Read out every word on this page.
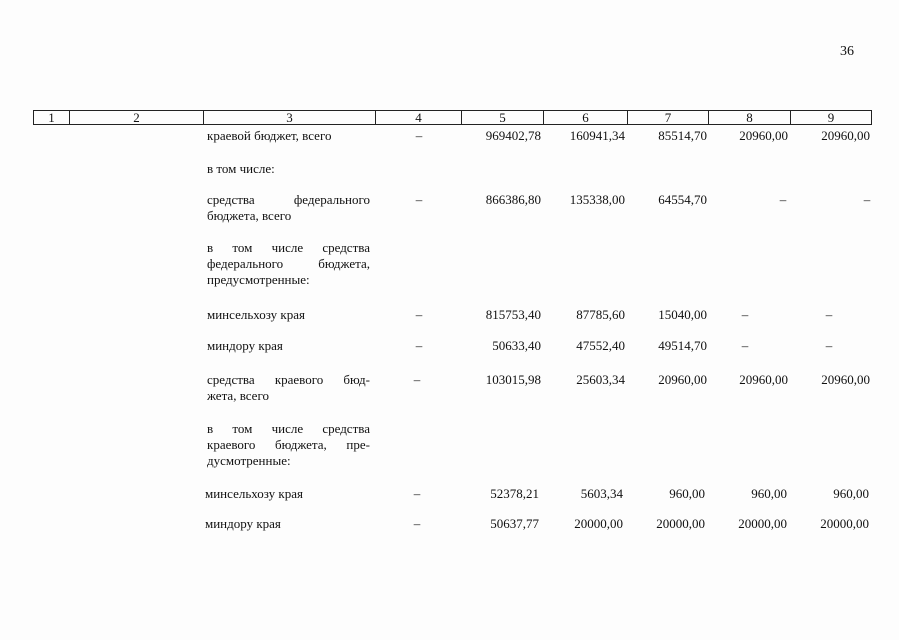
36
1	2	3	4	5	6	7	8	9
краевой бюджет, всего	–	969402,78	160941,34	85514,70	20960,00	20960,00
в том числе:
средства федерального
бюджета, всего
–	866386,80	135338,00	64554,70	–	–
в том числе средства
федерального бюджета,
предусмотренные:
минсельхозу края	–	815753,40	87785,60	15040,00	–	–
миндору края	–	50633,40	47552,40	49514,70	–	–
средства краевого бюд-
жета, всего
–	103015,98	25603,34	20960,00	20960,00	20960,00
в том числе средства
краевого бюджета, пре-
дусмотренные:
минсельхозу края	–	52378,21	5603,34	960,00	960,00	960,00
миндору края	–	50637,77	20000,00	20000,00	20000,00	20000,00
